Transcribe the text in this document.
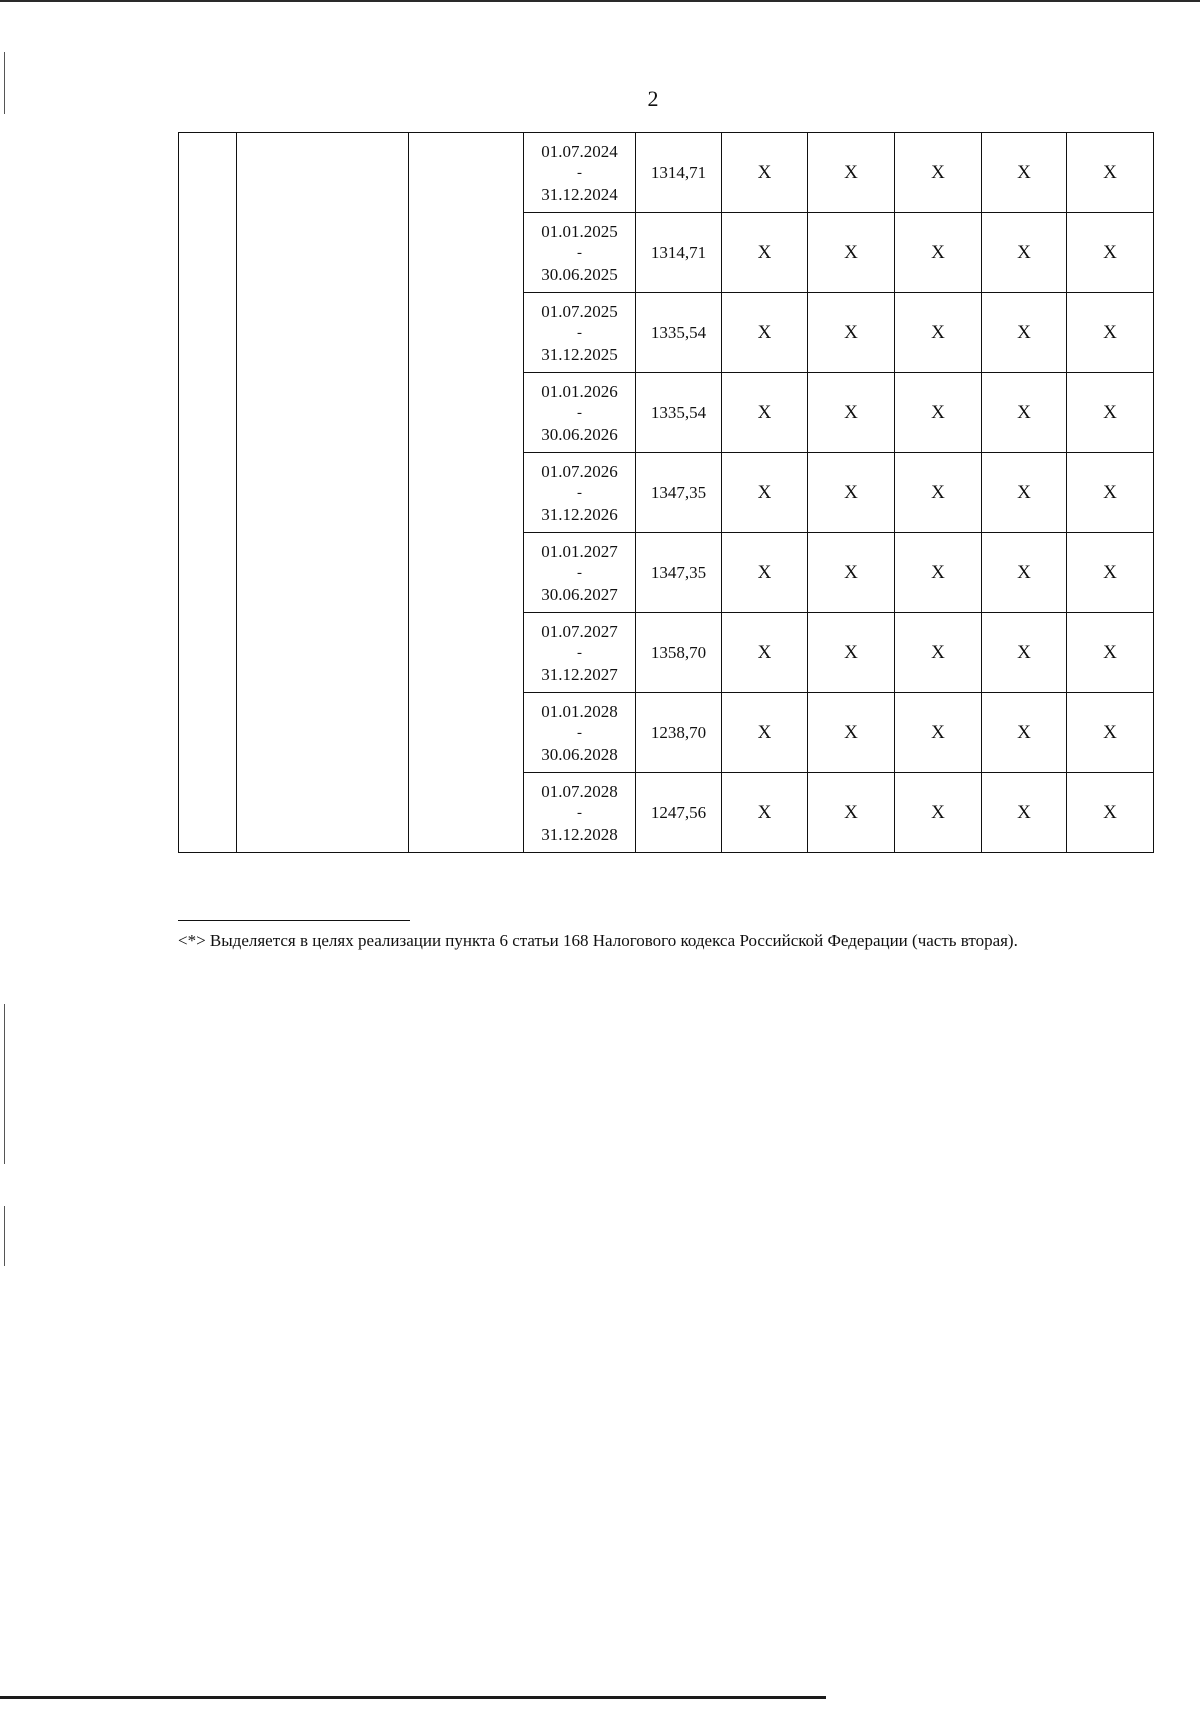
2

			01.07.2024
-
31.12.2024	1314,71	X	X	X	X	X

			01.01.2025
-
30.06.2025	1314,71	X	X	X	X	X

			01.07.2025
-
31.12.2025	1335,54	X	X	X	X	X

			01.01.2026
-
30.06.2026	1335,54	X	X	X	X	X

			01.07.2026
-
31.12.2026	1347,35	X	X	X	X	X

			01.01.2027
-
30.06.2027	1347,35	X	X	X	X	X

			01.07.2027
-
31.12.2027	1358,70	X	X	X	X	X

			01.01.2028
-
30.06.2028	1238,70	X	X	X	X	X

			01.07.2028
-
31.12.2028	1247,56	X	X	X	X	X
<*> Выделяется в целях реализации пункта 6 статьи 168 Налогового кодекса Российской Федерации (часть вторая).
